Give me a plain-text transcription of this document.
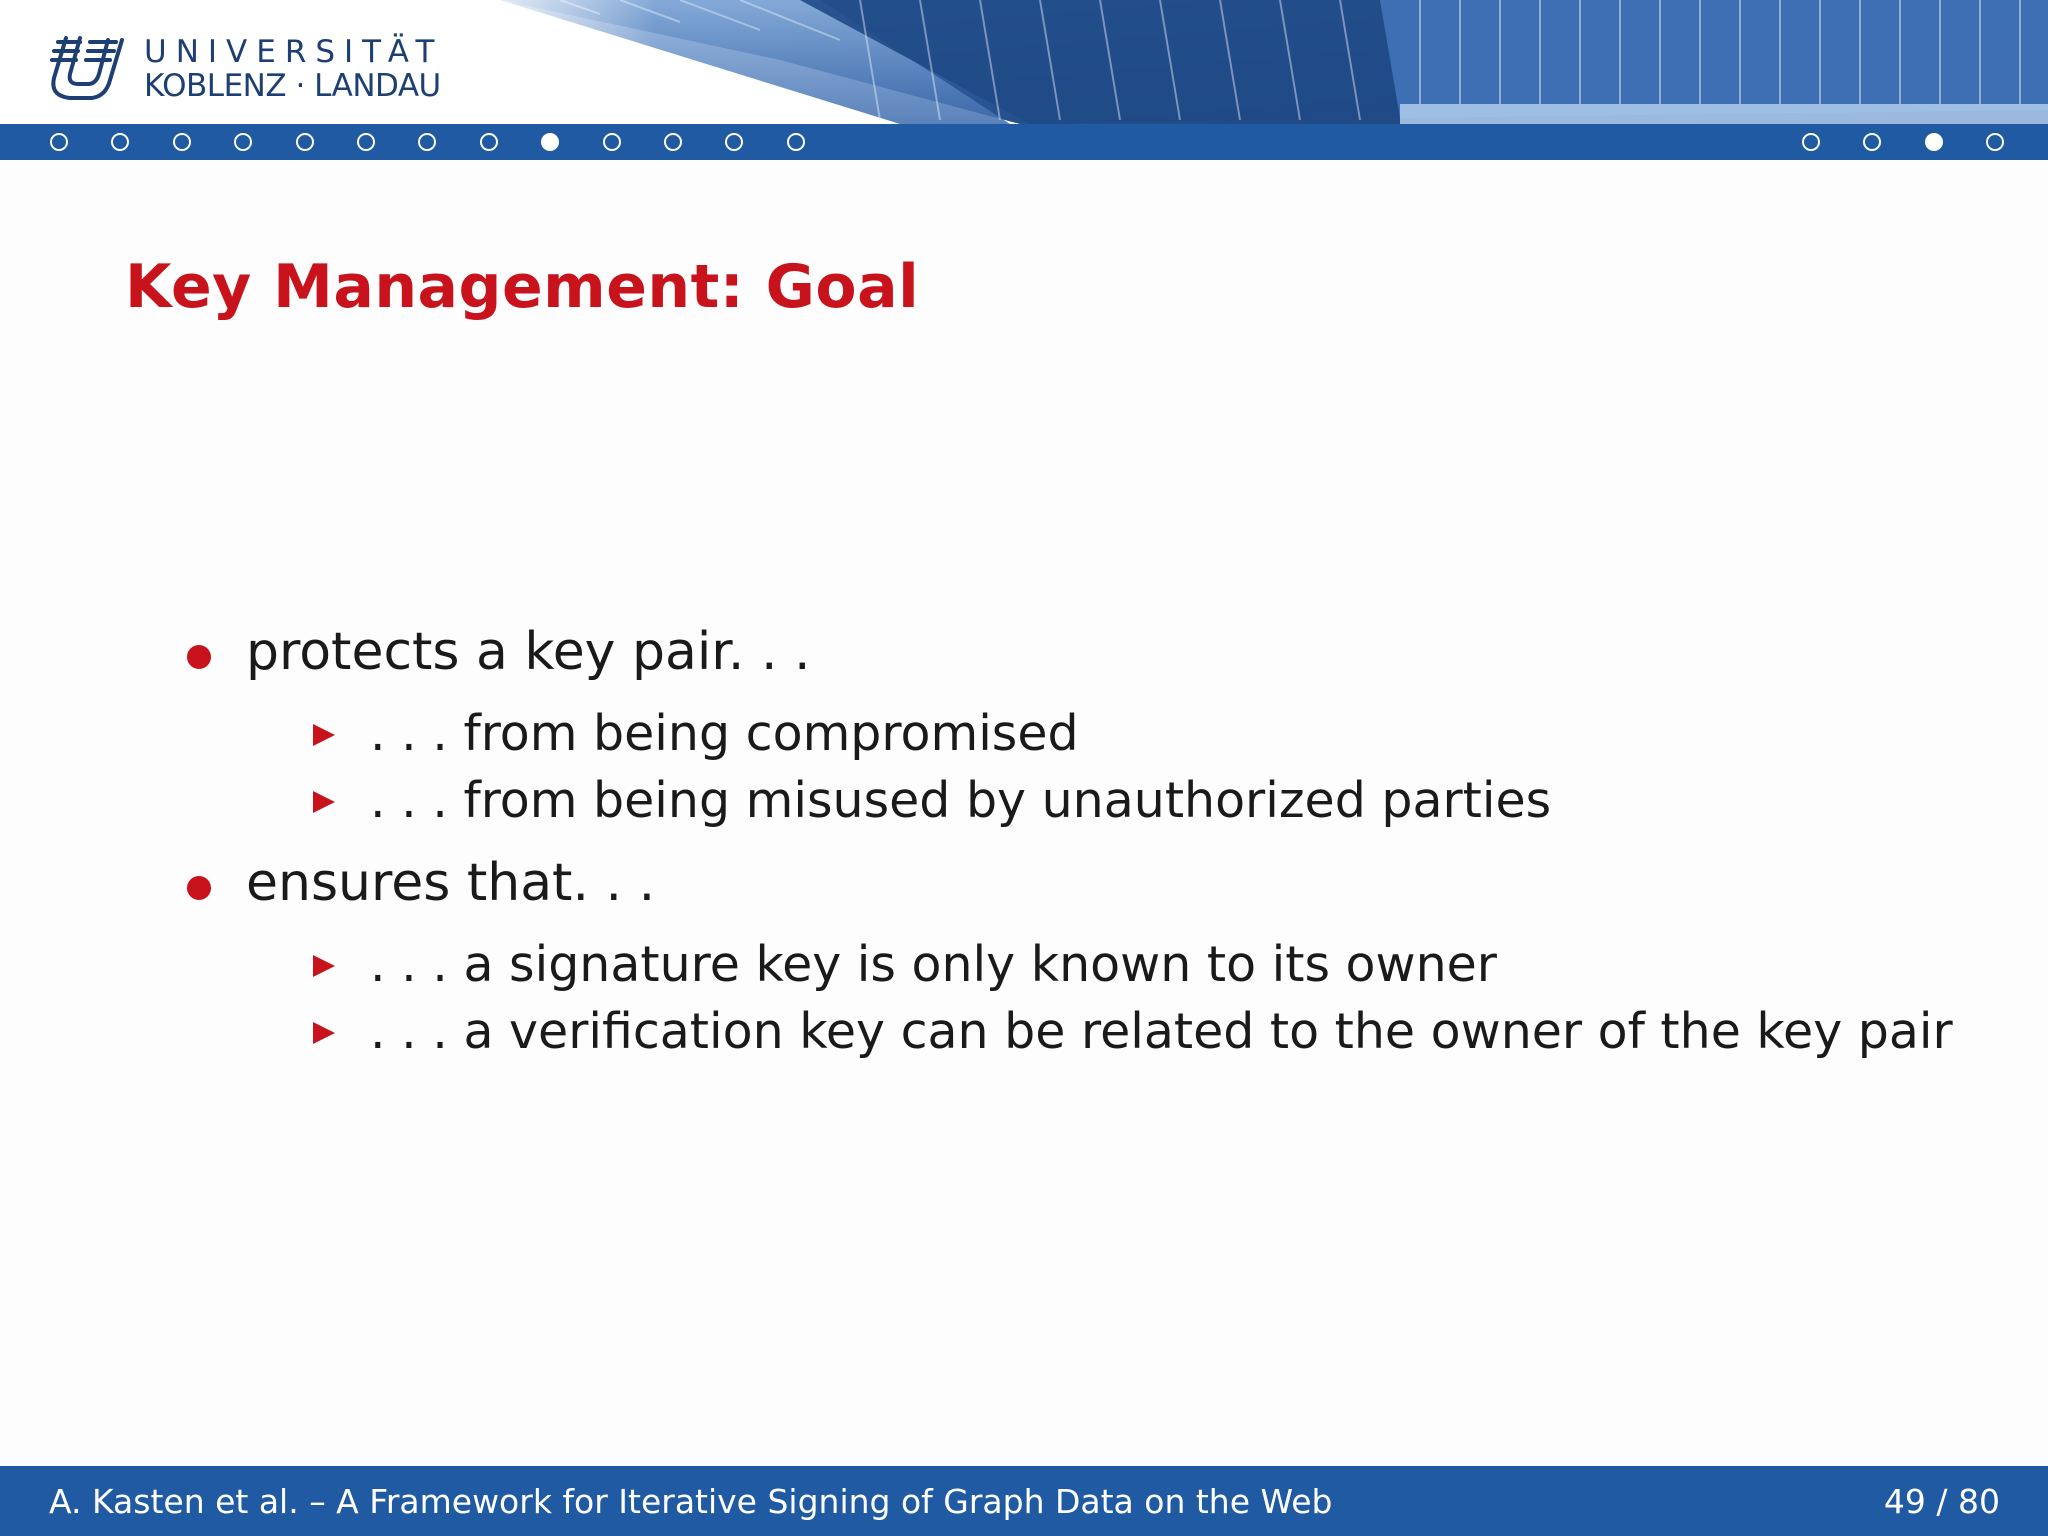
UNIVERSITÄT
KOBLENZ · LANDAU
Key Management: Goal
protects a key pair. . .
. . . from being compromised
. . . from being misused by unauthorized parties
ensures that. . .
. . . a signature key is only known to its owner
. . . a verification key can be related to the owner of the key pair
A. Kasten et al. – A Framework for Iterative Signing of Graph Data on the Web	49 / 80
